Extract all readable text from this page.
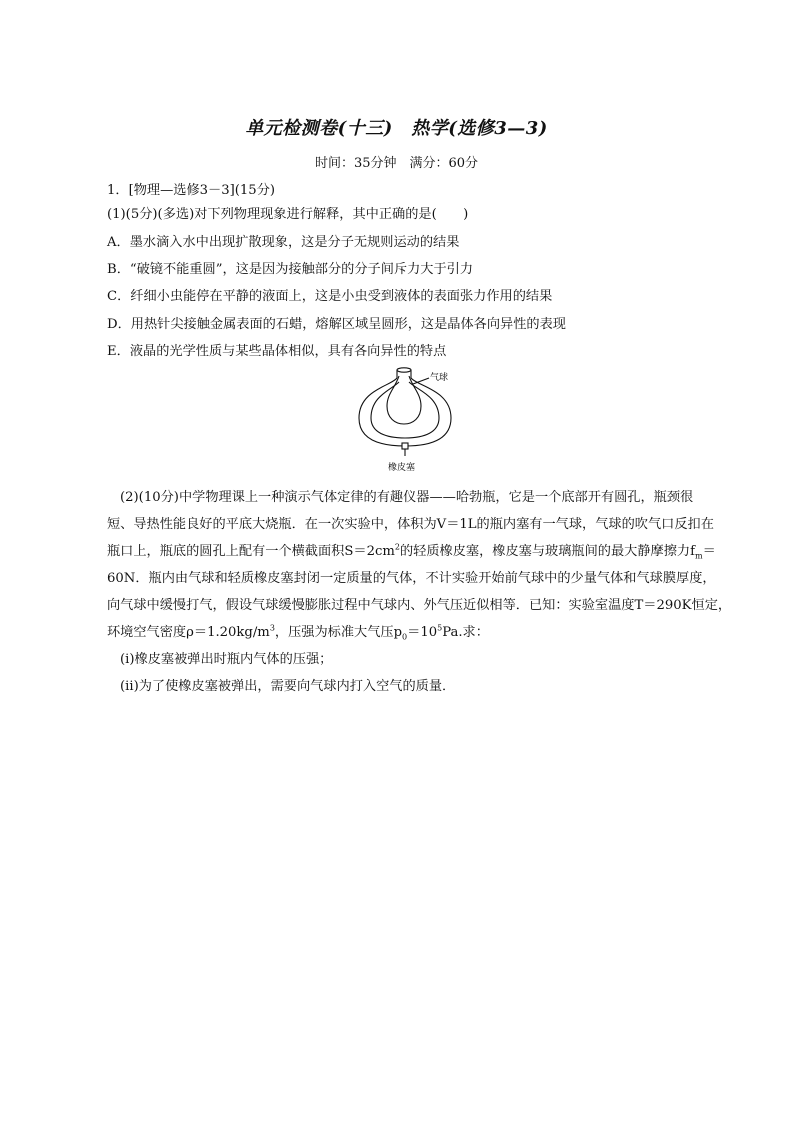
单元检测卷(十三)　热学(选修3—3)
时间：35分钟　满分：60分
1．[物理—选修3－3](15分)
(1)(5分)(多选)对下列物理现象进行解释，其中正确的是(　　)
A．墨水滴入水中出现扩散现象，这是分子无规则运动的结果
B．“破镜不能重圆”，这是因为接触部分的分子间斥力大于引力
C．纤细小虫能停在平静的液面上，这是小虫受到液体的表面张力作用的结果
D．用热针尖接触金属表面的石蜡，熔解区域呈圆形，这是晶体各向异性的表现
E．液晶的光学性质与某些晶体相似，具有各向异性的特点
气球
橡皮塞
(2)(10分)中学物理课上一种演示气体定律的有趣仪器——哈勃瓶，它是一个底部开有圆孔，瓶颈很
短、导热性能良好的平底大烧瓶．在一次实验中，体积为V＝1L的瓶内塞有一气球，气球的吹气口反扣在
瓶口上，瓶底的圆孔上配有一个横截面积$S=2cm^2$的轻质橡皮塞，橡皮塞与玻璃瓶间的最大静摩擦力$f_m=$
60N．瓶内由气球和轻质橡皮塞封闭一定质量的气体，不计实验开始前气球中的少量气体和气球膜厚度，
向气球中缓慢打气，假设气球缓慢膨胀过程中气球内、外气压近似相等．已知：实验室温度T＝290K恒定，
环境空气密度$\rho=1.20kg/m^3$，压强为标准大气压$p_0=10^5Pa$.求：
(ⅰ)橡皮塞被弹出时瓶内气体的压强；
(ⅱ)为了使橡皮塞被弹出，需要向气球内打入空气的质量．
